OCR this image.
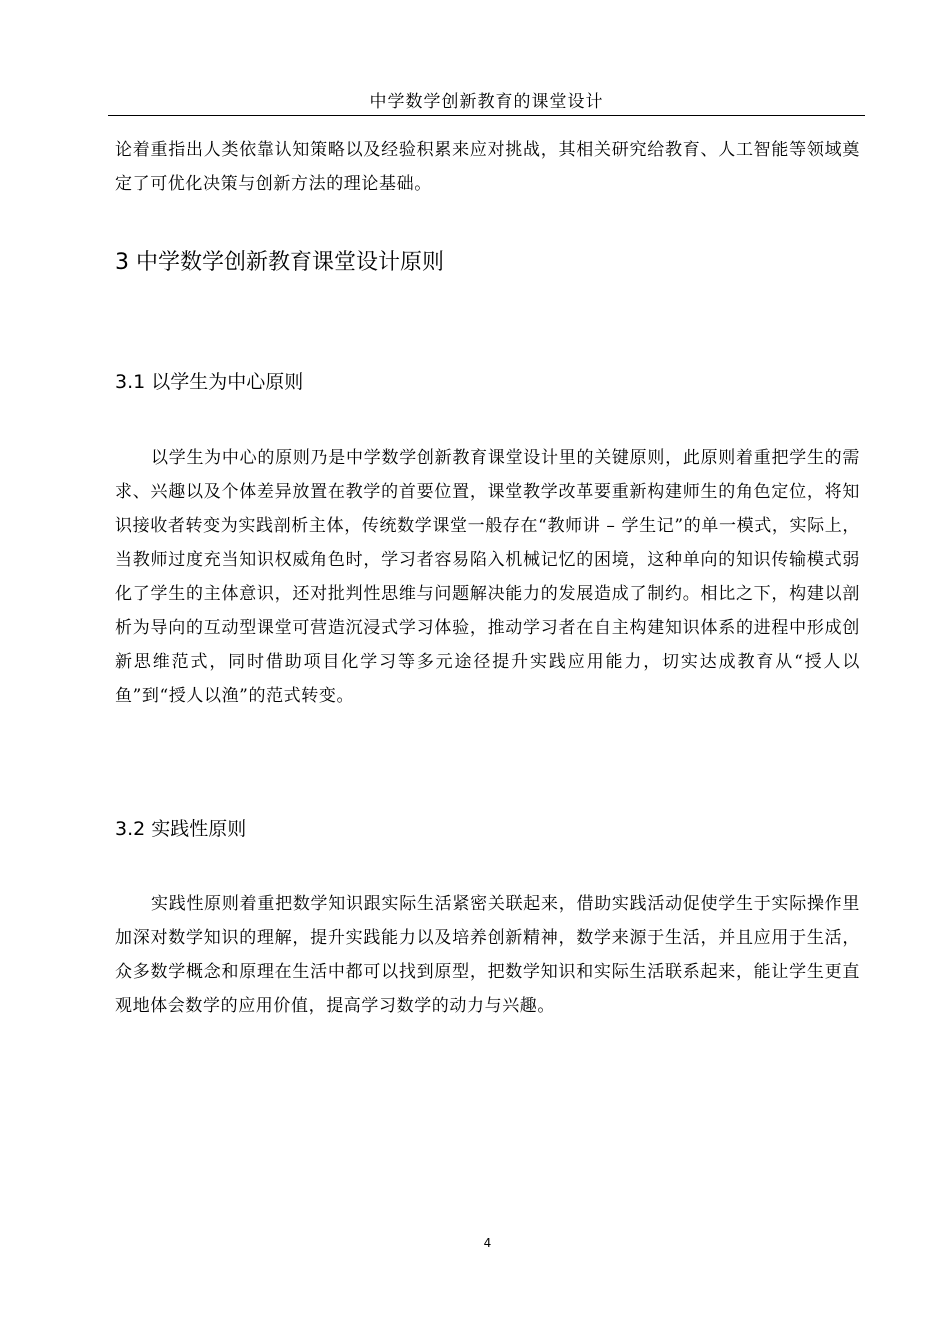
中学数学创新教育的课堂设计

论着重指出人类依靠认知策略以及经验积累来应对挑战，其相关研究给教育、人工智能等领域奠定了可优化决策与创新方法的理论基础。

3 中学数学创新教育课堂设计原则
3.1 以学生为中心原则

以学生为中心的原则乃是中学数学创新教育课堂设计里的关键原则，此原则着重把学生的需求、兴趣以及个体差异放置在教学的首要位置，课堂教学改革要重新构建师生的角色定位，将知识接收者转变为实践剖析主体，传统数学课堂一般存在“教师讲 – 学生记”的单一模式，实际上，当教师过度充当知识权威角色时，学习者容易陷入机械记忆的困境，这种单向的知识传输模式弱化了学生的主体意识，还对批判性思维与问题解决能力的发展造成了制约。相比之下，构建以剖析为导向的互动型课堂可营造沉浸式学习体验，推动学习者在自主构建知识体系的进程中形成创新思维范式，同时借助项目化学习等多元途径提升实践应用能力，切实达成教育从“授人以鱼”到“授人以渔”的范式转变。

3.2 实践性原则

实践性原则着重把数学知识跟实际生活紧密关联起来，借助实践活动促使学生于实际操作里加深对数学知识的理解，提升实践能力以及培养创新精神，数学来源于生活，并且应用于生活，众多数学概念和原理在生活中都可以找到原型，把数学知识和实际生活联系起来，能让学生更直观地体会数学的应用价值，提高学习数学的动力与兴趣。

4
